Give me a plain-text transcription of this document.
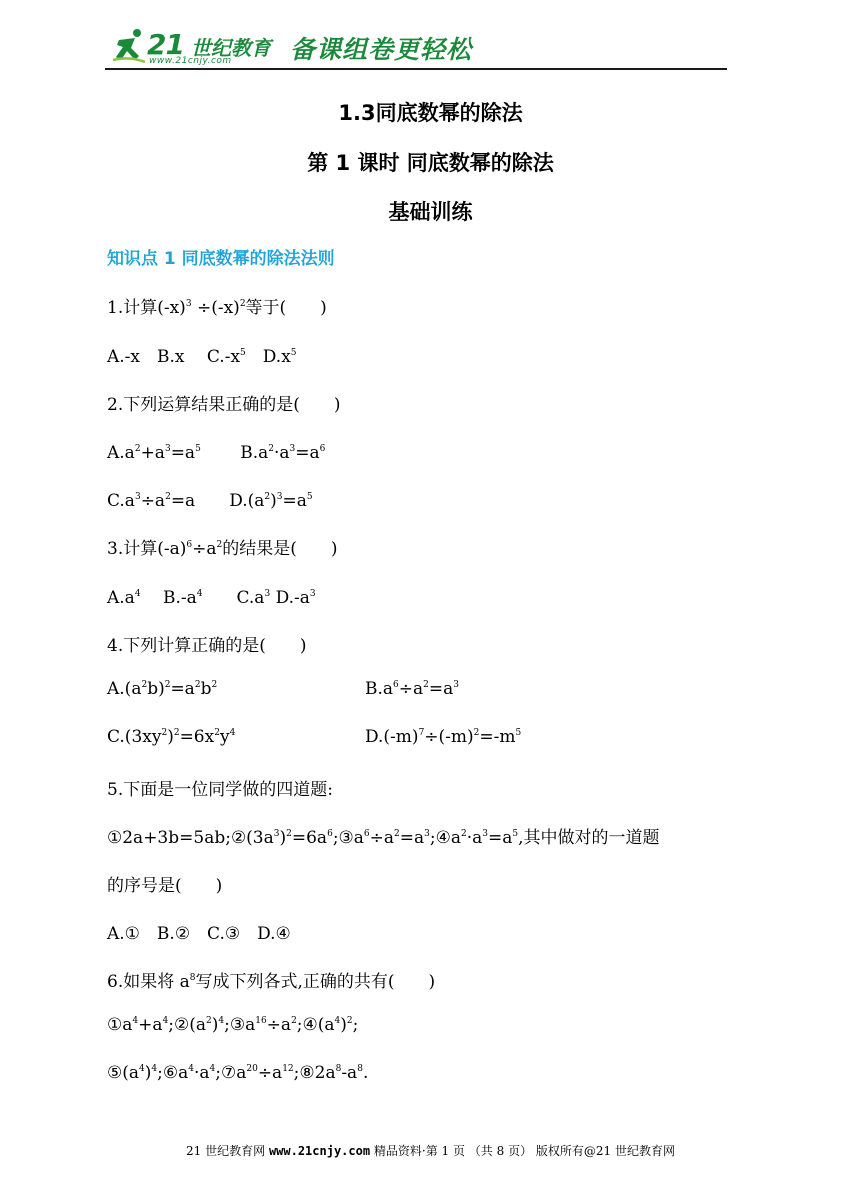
21 世纪教育
www.21cnjy.com 备课组卷更轻松
1.3同底数幂的除法
第 1 课时 同底数幂的除法
基础训练
知识点 1 同底数幂的除法法则
1.计算$(-x)^3 \div(-x)^2$等于(　　)
A.-x　B.x　 $C.-x^5$　$D.x^5$
2.下列运算结果正确的是(　　)
$A.a^2+a^3=a^5$　　 $B.a^2\cdot a^3=a^6$
$C.a^3\div a^2=a$　　$D.(a^2)^3=a^5$
3.计算$(-a)^6\div a^2$的结果是(　　)
$A.a^4$　 $B.-a^4$　　$C.a^3$ $D.-a^3$
4.下列计算正确的是(　　)
$A.(a^2b)^2=a^2b^2$	$B.a^6\div a^2=a^3$
$C.(3xy^2)^2=6x^2y^4$	$D.(-m)^7\div(-m)^2=-m^5$
5.下面是一位同学做的四道题:
$①2a+3b=5ab;②(3a^3)^2=6a^6;③a^6\div a^2=a^3;④a^2\cdot a^3=a^5$,其中做对的一道题
的序号是(　　)
A.①　B.②　C.③　D.④
6.如果将 $a^8$写成下列各式,正确的共有(　　)
$①a^4+a^4;②(a^2)^4;③a^{16}\div a^2;④(a^4)^2$;
$⑤(a^4)^4;⑥a^4\cdot a^4;⑦a^{20}\div a^{12};⑧2a^8-a^8$.
21 世纪教育网 www.21cnjy.com 精品资料·第 1 页 （共 8 页） 版权所有@21 世纪教育网
